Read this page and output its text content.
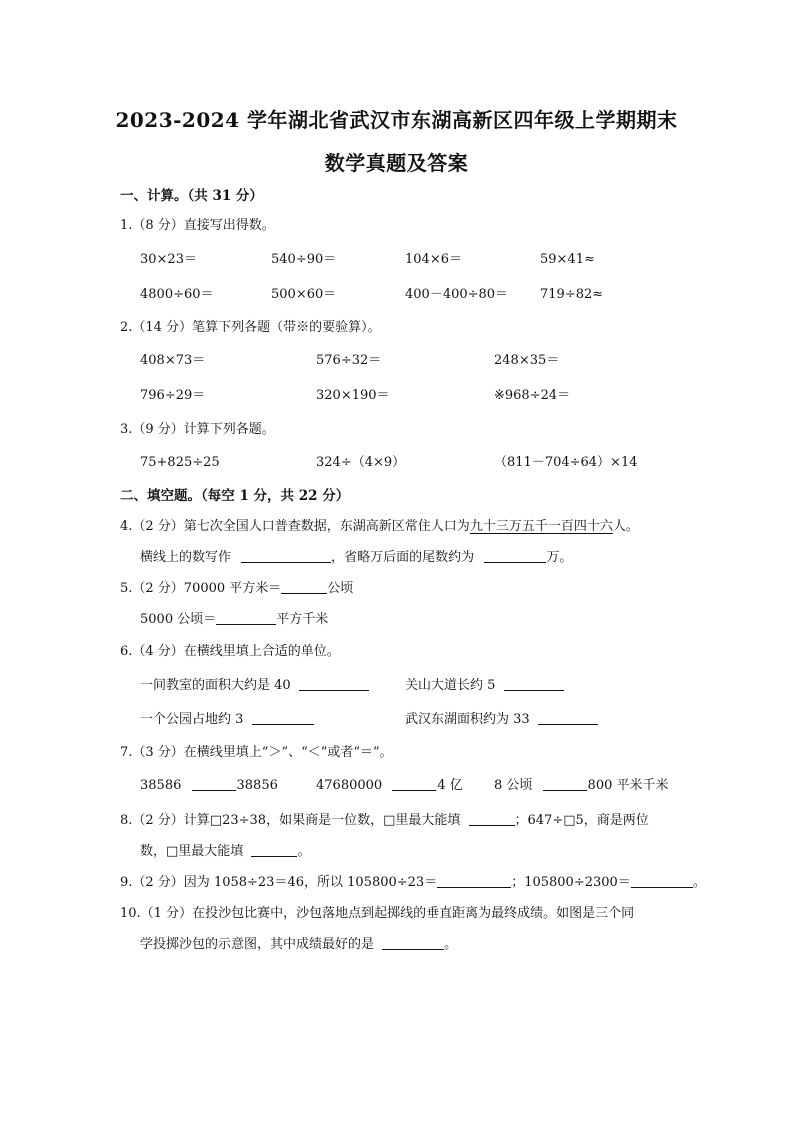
2023-2024 学年湖北省武汉市东湖高新区四年级上学期期末
数学真题及答案
一、计算。（共 31 分）
1.（8 分）直接写出得数。
30×23＝	540÷90＝	104×6＝	59×41≈
4800÷60＝	500×60＝	400－400÷80＝ 719÷82≈
2.（14 分）笔算下列各题（带※的要验算）。
408×73＝	576÷32＝	248×35＝
796÷29＝	320×190＝	※968÷24＝
3.（9 分）计算下列各题。
75+825÷25	324÷（4×9）	（811－704÷64）×14
二、填空题。（每空 1 分，共 22 分）
4.（2 分）第七次全国人口普查数据，东湖高新区常住人口为九十三万五千一百四十六人。
横线上的数写作	，省略万后面的尾数约为	万。
5.（2 分）70000 平方米＝	公顷
5000 公顷＝	平方千米
6.（4 分）在横线里填上合适的单位。
一间教室的面积大约是 40	关山大道长约 5
一个公园占地约 3	武汉东湖面积约为 33
7.（3 分）在横线里填上“＞”、“＜”或者“＝”。
38586	38856	47680000	4 亿 8 公顷	800 平米千米
8.（2 分）计算□23÷38，如果商是一位数，□里最大能填	；647÷□5，商是两位
数，□里最大能填	。
9.（2 分）因为 1058÷23＝46，所以 105800÷23＝	；105800÷2300＝	。
10.（1 分）在投沙包比赛中，沙包落地点到起掷线的垂直距离为最终成绩。如图是三个同
学投掷沙包的示意图，其中成绩最好的是	。
